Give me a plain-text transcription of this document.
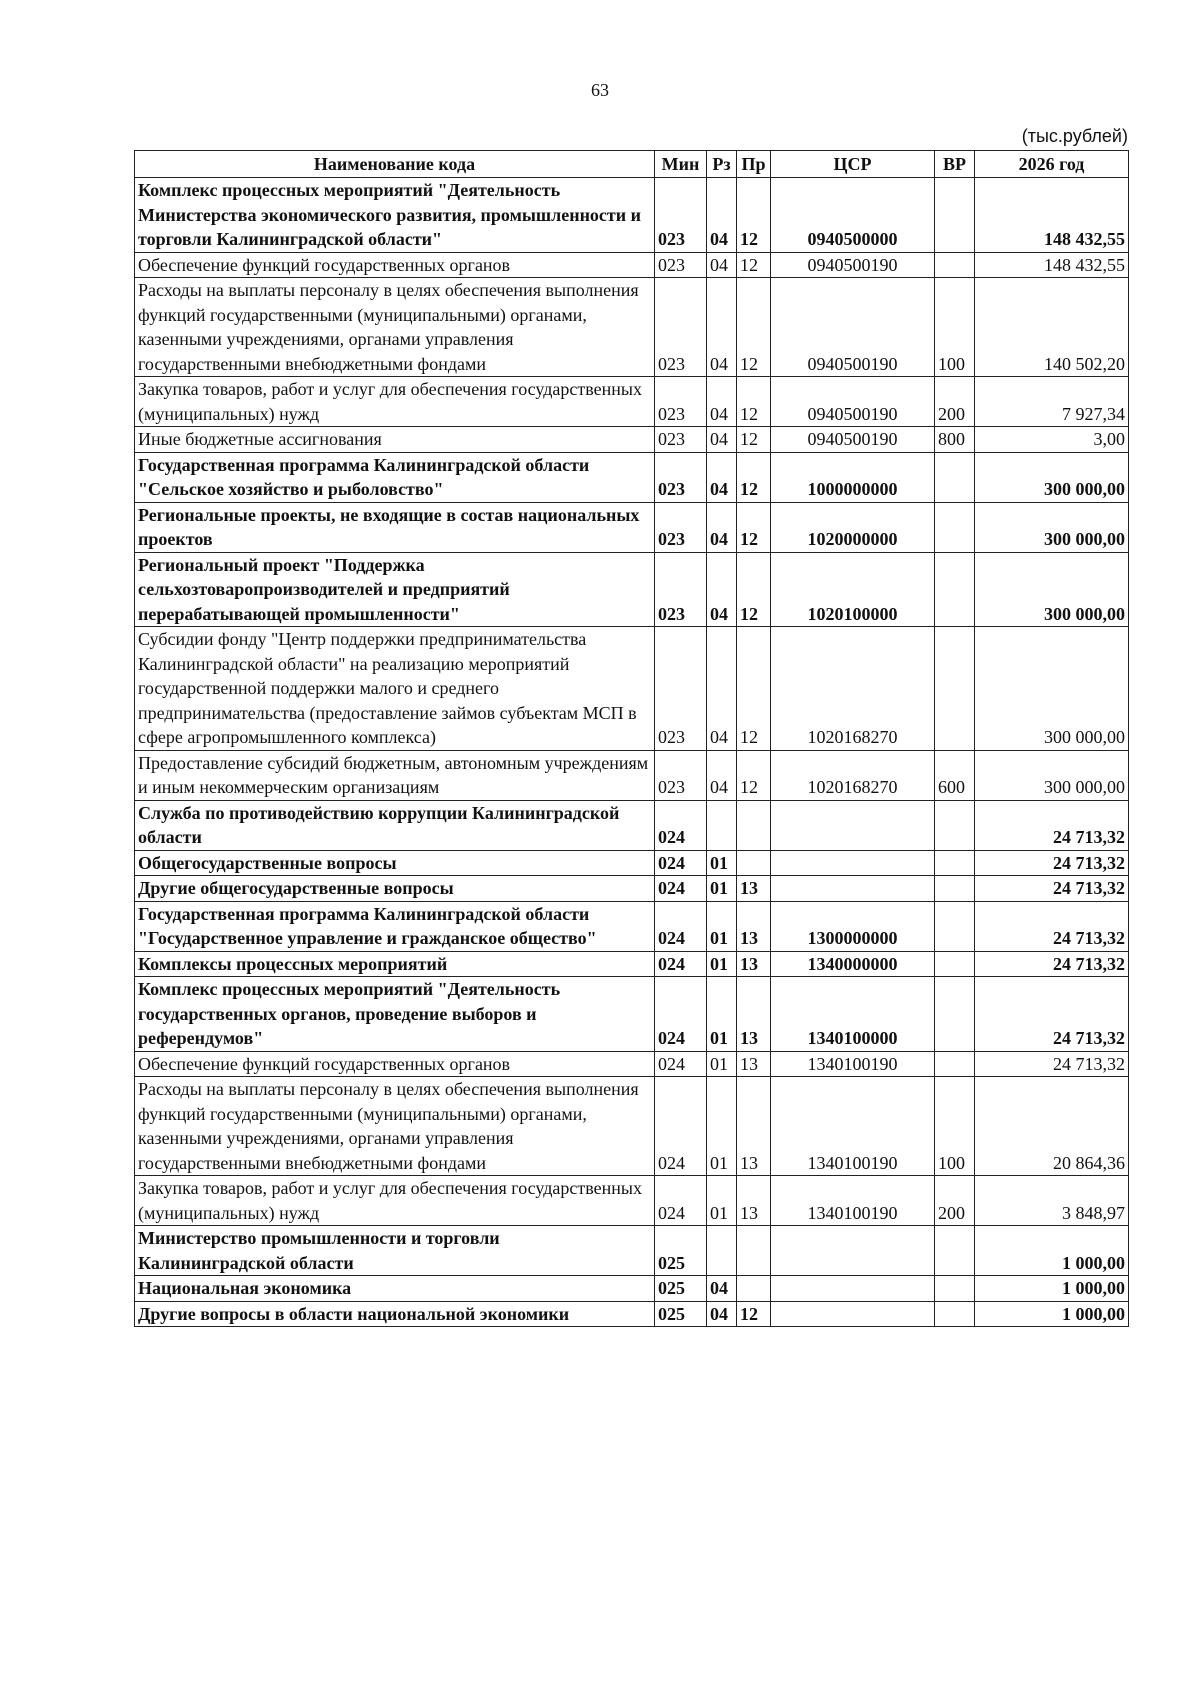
63
(тыс.рублей)
Наименование кода	Мин	Рз	Пр	ЦСР	ВР	2026 год
Комплекс процессных мероприятий "Деятельность Министерства экономического развития, промышленности и торговли Калининградской области"	023	04	12	0940500000		148 432,55
Обеспечение функций государственных органов	023	04	12	0940500190		148 432,55
Расходы на выплаты персоналу в целях обеспечения выполнения функций государственными (муниципальными) органами, казенными учреждениями, органами управления государственными внебюджетными фондами	023	04	12	0940500190	100	140 502,20
Закупка товаров, работ и услуг для обеспечения государственных (муниципальных) нужд	023	04	12	0940500190	200	7 927,34
Иные бюджетные ассигнования	023	04	12	0940500190	800	3,00
Государственная программа Калининградской области "Сельское хозяйство и рыболовство"	023	04	12	1000000000		300 000,00
Региональные проекты, не входящие в состав национальных проектов	023	04	12	1020000000		300 000,00
Региональный проект "Поддержка сельхозтоваропроизводителей и предприятий перерабатывающей промышленности"	023	04	12	1020100000		300 000,00
Субсидии фонду "Центр поддержки предпринимательства Калининградской области" на реализацию мероприятий государственной поддержки малого и среднего предпринимательства (предоставление займов субъектам МСП в сфере агропромышленного комплекса)	023	04	12	1020168270		300 000,00
Предоставление субсидий бюджетным, автономным учреждениям и иным некоммерческим организациям	023	04	12	1020168270	600	300 000,00
Служба по противодействию коррупции Калининградской области	024					24 713,32
Общегосударственные вопросы	024	01				24 713,32
Другие общегосударственные вопросы	024	01	13			24 713,32
Государственная программа Калининградской области "Государственное управление и гражданское общество"	024	01	13	1300000000		24 713,32
Комплексы процессных мероприятий	024	01	13	1340000000		24 713,32
Комплекс процессных мероприятий "Деятельность государственных органов, проведение выборов и референдумов"	024	01	13	1340100000		24 713,32
Обеспечение функций государственных органов	024	01	13	1340100190		24 713,32
Расходы на выплаты персоналу в целях обеспечения выполнения функций государственными (муниципальными) органами, казенными учреждениями, органами управления государственными внебюджетными фондами	024	01	13	1340100190	100	20 864,36
Закупка товаров, работ и услуг для обеспечения государственных (муниципальных) нужд	024	01	13	1340100190	200	3 848,97
Министерство промышленности и торговли Калининградской области	025					1 000,00
Национальная экономика	025	04				1 000,00
Другие вопросы в области национальной экономики	025	04	12			1 000,00
